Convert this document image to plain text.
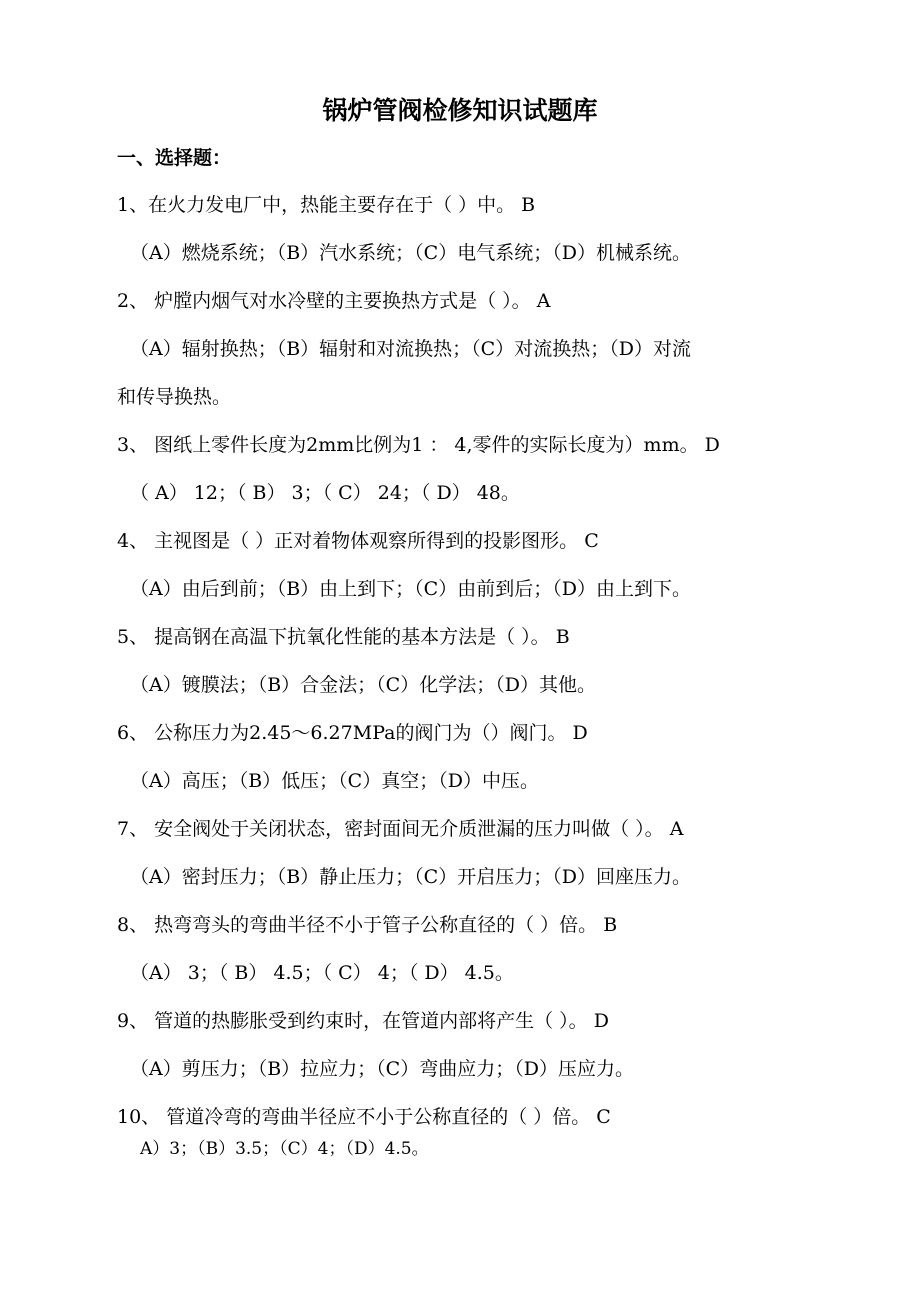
锅炉管阀检修知识试题库
一、选择题：
1、在火力发电厂中，热能主要存在于（ ）中。 B
（A）燃烧系统；（B）汽水系统；（C）电气系统；（D）机械系统。
2、 炉膛内烟气对水冷壁的主要换热方式是（ ）。 A
（A）辐射换热；（B）辐射和对流换热；（C）对流换热；（D）对流
和传导换热。
3、 图纸上零件长度为2mm比例为1 ： 4,零件的实际长度为）mm。 D
（ A） 12；（ B） 3；（ C） 24；（ D） 48。
4、 主视图是（ ）正对着物体观察所得到的投影图形。 C
（A）由后到前；（B）由上到下；（C）由前到后；（D）由上到下。
5、 提高钢在高温下抗氧化性能的基本方法是（ ）。 B
（A）镀膜法；（B）合金法；（C）化学法；（D）其他。
6、 公称压力为2.45〜6.27MPa的阀门为（）阀门。 D
（A）高压；（B）低压；（C）真空；（D）中压。
7、 安全阀处于关闭状态，密封面间无介质泄漏的压力叫做（ ）。 A
（A）密封压力；（B）静止压力；（C）开启压力；（D）回座压力。
8、 热弯弯头的弯曲半径不小于管子公称直径的（ ）倍。 B
（A） 3；（ B） 4.5；（ C） 4；（ D） 4.5。
9、 管道的热膨胀受到约束时，在管道内部将产生（ ）。 D
（A）剪压力；（B）拉应力；（C）弯曲应力；（D）压应力。
10、 管道冷弯的弯曲半径应不小于公称直径的（ ）倍。 C
A）3；（B）3.5；（C）4；（D）4.5。
